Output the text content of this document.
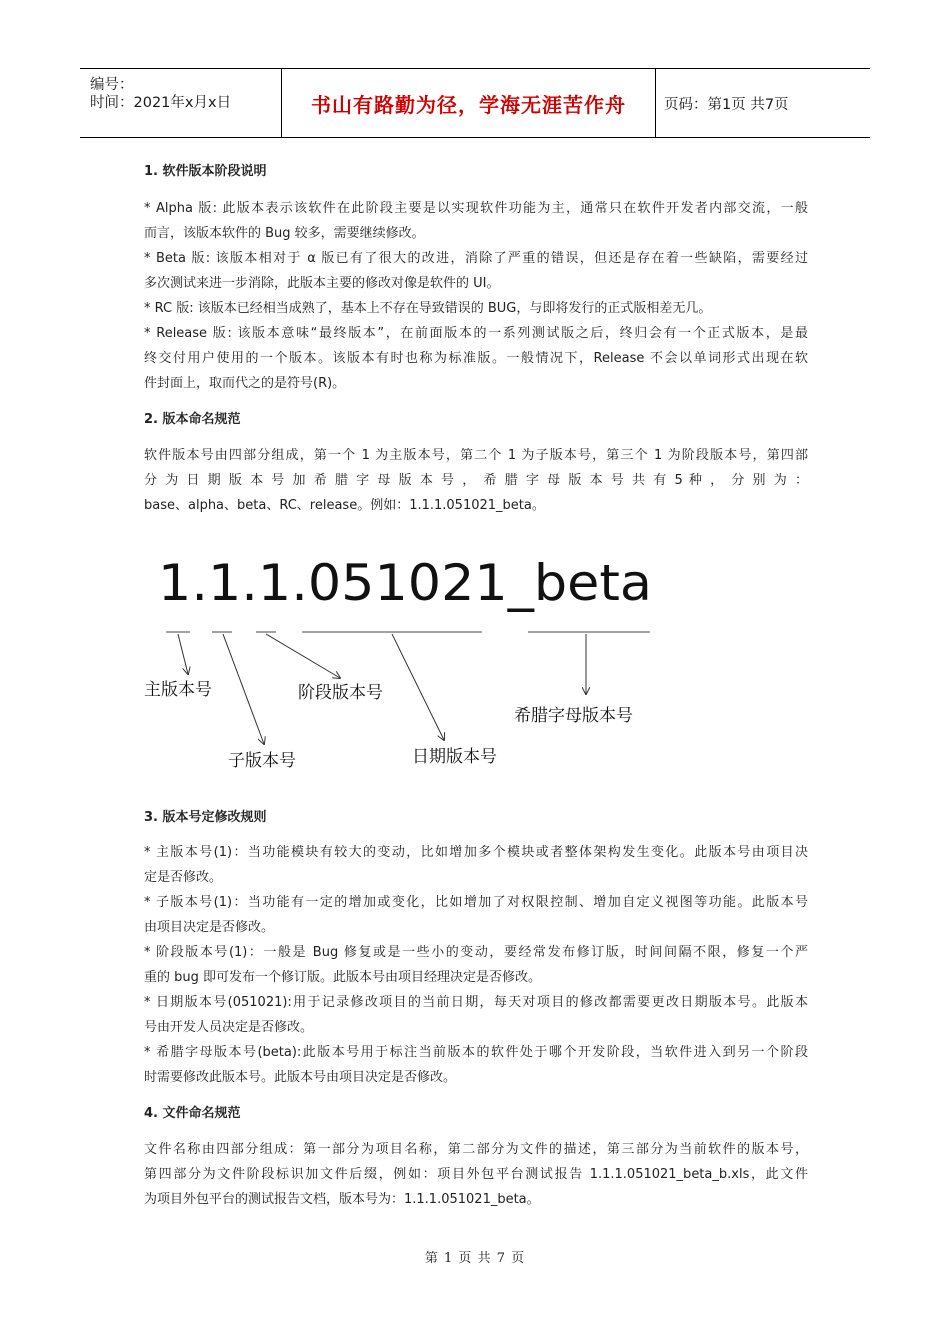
编号：
时间：2021年x月x日	书山有路勤为径，学海无涯苦作舟	页码：第1页 共7页
1. 软件版本阶段说明

* Alpha 版: 此版本表示该软件在此阶段主要是以实现软件功能为主，通常只在软件开发者内部交流，一般

而言，该版本软件的 Bug 较多，需要继续修改。

* Beta 版: 该版本相对于 α 版已有了很大的改进，消除了严重的错误，但还是存在着一些缺陷，需要经过

多次测试来进一步消除，此版本主要的修改对像是软件的 UI。

* RC 版: 该版本已经相当成熟了，基本上不存在导致错误的 BUG，与即将发行的正式版相差无几。

* Release 版: 该版本意味“最终版本”，在前面版本的一系列测试版之后，终归会有一个正式版本，是最

终交付用户使用的一个版本。该版本有时也称为标准版。一般情况下，Release 不会以单词形式出现在软

件封面上，取而代之的是符号(R)。

2. 版本命名规范

软件版本号由四部分组成，第一个 1 为主版本号，第二个 1 为子版本号，第三个 1 为阶段版本号，第四部

分 为 日 期 版 本 号 加 希 腊 字 母 版 本 号 ， 希 腊 字 母 版 本 号 共 有 5 种 ， 分 别 为 ：

base、alpha、beta、RC、release。例如：1.1.1.051021_beta。

1.1.1.051021_beta
主版本号
子版本号
阶段版本号
日期版本号
希腊字母版本号
3. 版本号定修改规则

* 主版本号(1)：当功能模块有较大的变动，比如增加多个模块或者整体架构发生变化。此版本号由项目决

定是否修改。

* 子版本号(1)：当功能有一定的增加或变化，比如增加了对权限控制、增加自定义视图等功能。此版本号

由项目决定是否修改。

* 阶段版本号(1)：一般是 Bug 修复或是一些小的变动，要经常发布修订版，时间间隔不限，修复一个严

重的 bug 即可发布一个修订版。此版本号由项目经理决定是否修改。

* 日期版本号(051021):用于记录修改项目的当前日期，每天对项目的修改都需要更改日期版本号。此版本

号由开发人员决定是否修改。

* 希腊字母版本号(beta):此版本号用于标注当前版本的软件处于哪个开发阶段，当软件进入到另一个阶段

时需要修改此版本号。此版本号由项目决定是否修改。

4. 文件命名规范

文件名称由四部分组成：第一部分为项目名称，第二部分为文件的描述，第三部分为当前软件的版本号，

第四部分为文件阶段标识加文件后缀，例如：项目外包平台测试报告 1.1.1.051021_beta_b.xls，此文件

为项目外包平台的测试报告文档，版本号为：1.1.1.051021_beta。

第 1 页 共 7 页
